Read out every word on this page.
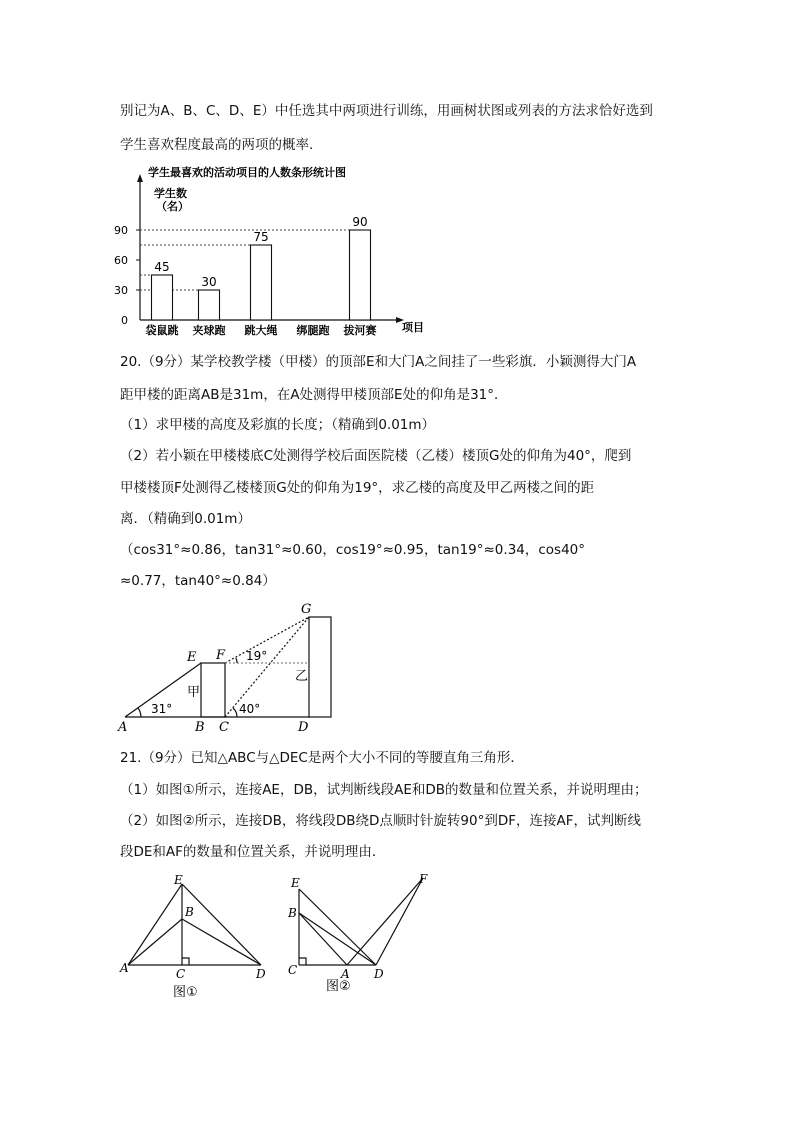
别记为A、B、C、D、E）中任选其中两项进行训练，用画树状图或列表的方法求恰好选到
学生喜欢程度最高的两项的概率.
学生最喜欢的活动项目的人数条形统计图
学生数
（名）
0
30
60
90
45
袋鼠跳
30
夹球跑
75
跳大绳 绑腿跑
90
拔河赛 项目
20.（9分）某学校教学楼（甲楼）的顶部E和大门A之间挂了一些彩旗．小颖测得大门A
距甲楼的距离AB是31m，在A处测得甲楼顶部E处的仰角是31°．
（1）求甲楼的高度及彩旗的长度；（精确到0.01m）
（2）若小颖在甲楼楼底C处测得学校后面医院楼（乙楼）楼顶G处的仰角为40°，爬到
甲楼楼顶F处测得乙楼楼顶G处的仰角为19°，求乙楼的高度及甲乙两楼之间的距
离．（精确到0.01m）
（cos31°≈0.86，tan31°≈0.60，cos19°≈0.95，tan19°≈0.34，cos40°
≈0.77，tan40°≈0.84）
A	B C	D
E F
G
甲
乙
31°	40°
19°
21.（9分）已知△ABC与△DEC是两个大小不同的等腰直角三角形．
（1）如图①所示，连接AE，DB，试判断线段AE和DB的数量和位置关系，并说明理由；
（2）如图②所示，连接DB，将线段DB绕D点顺时针旋转90°到DF，连接AF，试判断线
段DE和AF的数量和位置关系，并说明理由．
E
B
A	C	D
图①
E
B
C	A D
F
图②
